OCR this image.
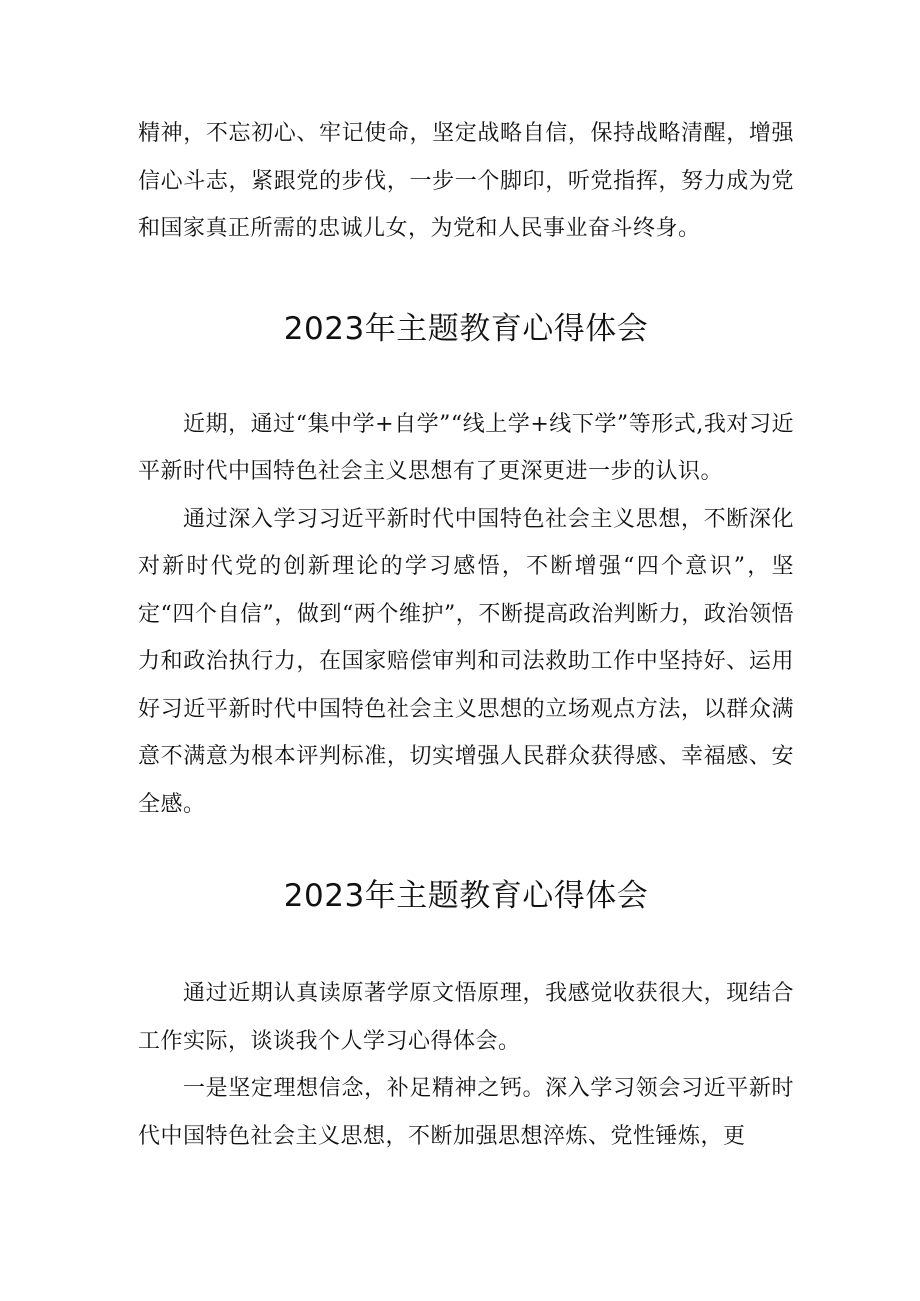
精神，不忘初心、牢记使命，坚定战略自信，保持战略清醒，增强信心斗志，紧跟党的步伐，一步一个脚印，听党指挥，努力成为党和国家真正所需的忠诚儿女，为党和人民事业奋斗终身。

2023年主题教育心得体会

近期，通过“集中学+自学”“线上学+线下学”等形式,我对习近平新时代中国特色社会主义思想有了更深更进一步的认识。

通过深入学习习近平新时代中国特色社会主义思想，不断深化对新时代党的创新理论的学习感悟，不断增强“四个意识”，坚定“四个自信”，做到“两个维护”，不断提高政治判断力，政治领悟力和政治执行力，在国家赔偿审判和司法救助工作中坚持好、运用好习近平新时代中国特色社会主义思想的立场观点方法，以群众满意不满意为根本评判标准，切实增强人民群众获得感、幸福感、安全感。

2023年主题教育心得体会

通过近期认真读原著学原文悟原理，我感觉收获很大，现结合工作实际，谈谈我个人学习心得体会。

一是坚定理想信念，补足精神之钙。深入学习领会习近平新时代中国特色社会主义思想，不断加强思想淬炼、党性锤炼，更
